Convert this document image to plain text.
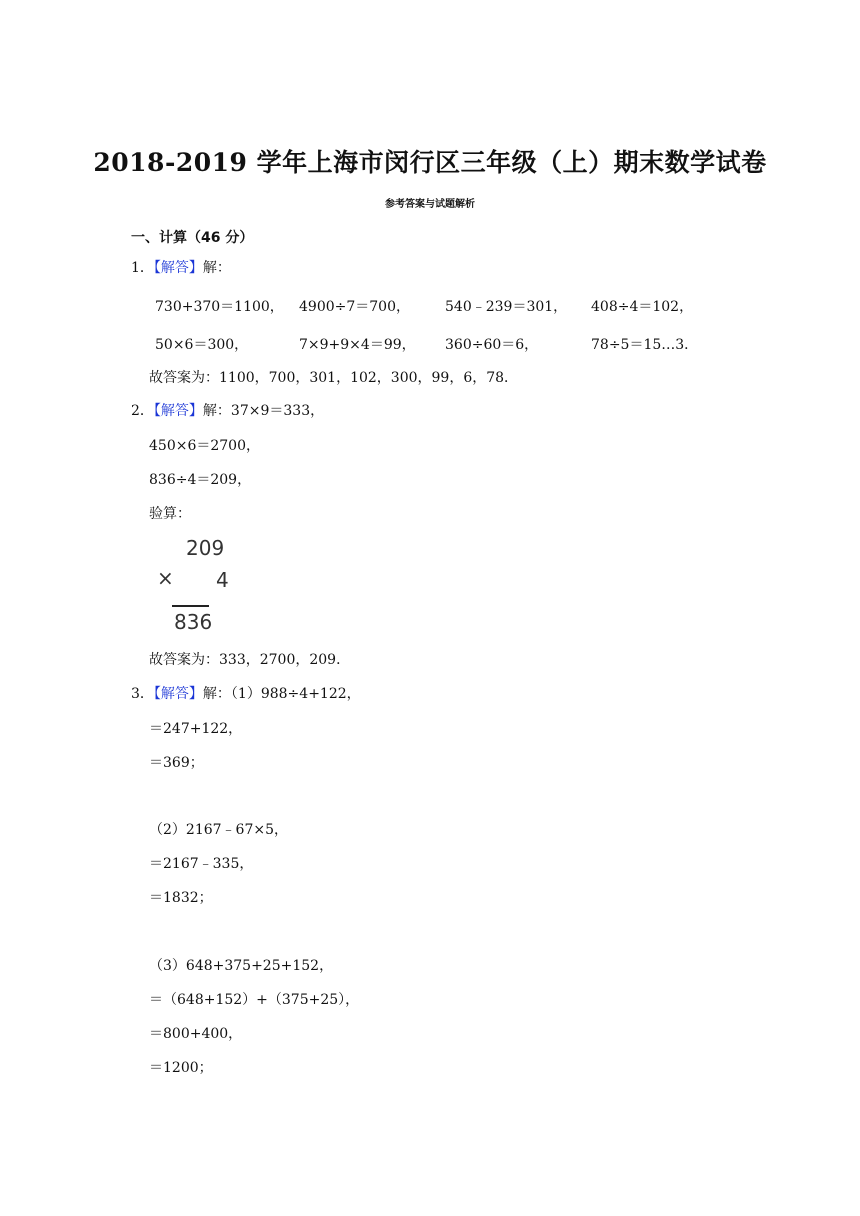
2018-2019 学年上海市闵行区三年级（上）期末数学试卷
参考答案与试题解析
一、计算（46 分）
1．【解答】解：
730+370＝1100， 4900÷7＝700，	540﹣239＝301， 408÷4＝102，
50×6＝300，	7×9+9×4＝99， 360÷60＝6，	78÷5＝15…3．
故答案为：1100，700，301，102，300，99，6，78．
2．【解答】解：37×9＝333，
450×6＝2700，
836÷4＝209，
验算：
209
× 4
836
故答案为：333，2700，209．
3．【解答】解：（1）988÷4+122，
＝247+122，
＝369；
（2）2167﹣67×5，
＝2167﹣335，
＝1832；
（3）648+375+25+152，
＝（648+152）+（375+25），
＝800+400，
＝1200；
